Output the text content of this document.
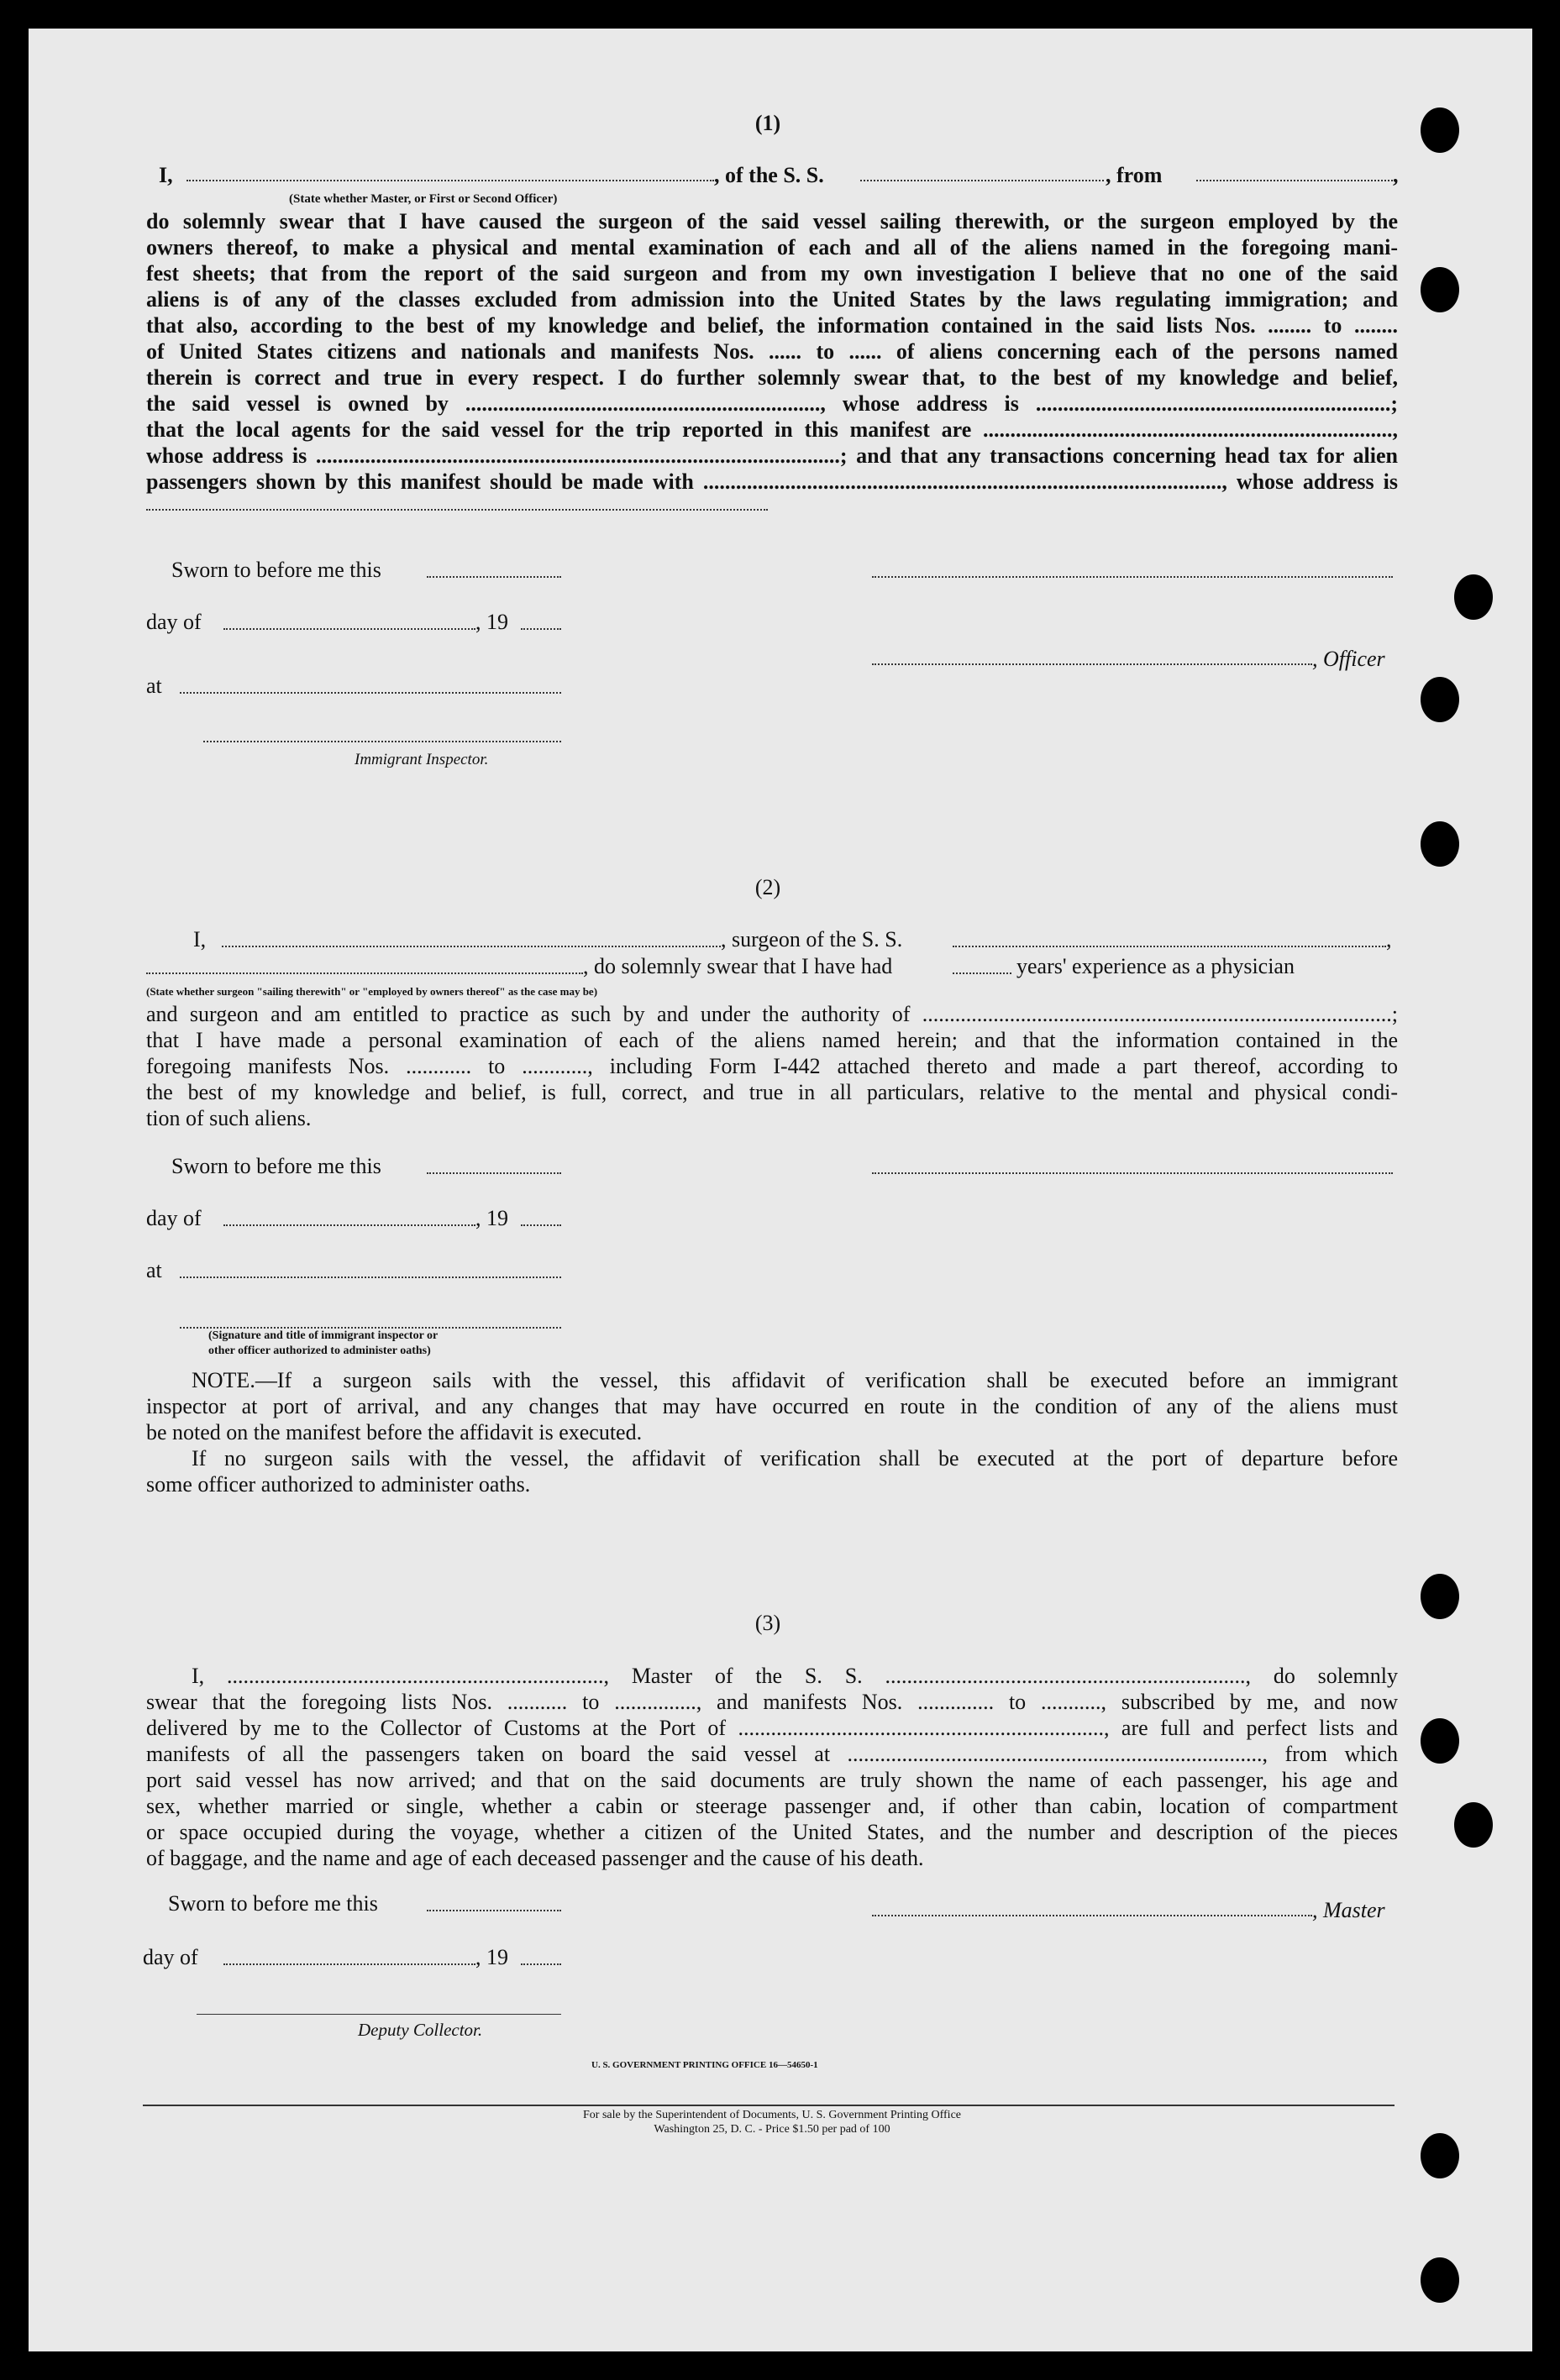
(1)
I,	, of the S. S.	, from	,
(State whether Master, or First or Second Officer)

do solemnly swear that I have caused the surgeon of the said vessel sailing therewith, or the surgeon employed by the

owners thereof, to make a physical and mental examination of each and all of the aliens named in the foregoing mani-

fest sheets; that from the report of the said surgeon and from my own investigation I believe that no one of the said

aliens is of any of the classes excluded from admission into the United States by the laws regulating immigration; and

that also, according to the best of my knowledge and belief, the information contained in the said lists Nos. ........ to ........

of United States citizens and nationals and manifests Nos. ...... to ...... of aliens concerning each of the persons named

therein is correct and true in every respect. I do further solemnly swear that, to the best of my knowledge and belief,

the said vessel is owned by ................................................................., whose address is .................................................................;

that the local agents for the said vessel for the trip reported in this manifest are ...........................................................................,

whose address is ................................................................................................; and that any transactions concerning head tax for alien

passengers shown by this manifest should be made with ..............................................................................................., whose address is

Sworn to before me this
day of	, 19
, Officer
at
Immigrant Inspector.
(2)
I,	, surgeon of the S. S.	,
, do solemnly swear that I have had	years' experience as a physician
(State whether surgeon "sailing therewith" or "employed by owners thereof" as the case may be)

and surgeon and am entitled to practice as such by and under the authority of ......................................................................................;

that I have made a personal examination of each of the aliens named herein; and that the information contained in the

foregoing manifests Nos. ............ to ............, including Form I-442 attached thereto and made a part thereof, according to

the best of my knowledge and belief, is full, correct, and true in all particulars, relative to the mental and physical condi-

tion of such aliens.

Sworn to before me this
day of	, 19
at
(Signature and title of immigrant inspector or
other officer authorized to administer oaths)

NOTE.—If a surgeon sails with the vessel, this affidavit of verification shall be executed before an immigrant

inspector at port of arrival, and any changes that may have occurred en route in the condition of any of the aliens must

be noted on the manifest before the affidavit is executed.

If no surgeon sails with the vessel, the affidavit of verification shall be executed at the port of departure before

some officer authorized to administer oaths.

(3)

I, ....................................................................., Master of the S. S. .................................................................., do solemnly

swear that the foregoing lists Nos. ........... to ..............., and manifests Nos. .............. to ..........., subscribed by me, and now

delivered by me to the Collector of Customs at the Port of ..................................................................., are full and perfect lists and

manifests of all the passengers taken on board the said vessel at ............................................................................, from which

port said vessel has now arrived; and that on the said documents are truly shown the name of each passenger, his age and

sex, whether married or single, whether a cabin or steerage passenger and, if other than cabin, location of compartment

or space occupied during the voyage, whether a citizen of the United States, and the number and description of the pieces

of baggage, and the name and age of each deceased passenger and the cause of his death.

Sworn to before me this	, Master
day of	, 19
Deputy Collector.
U. S. GOVERNMENT PRINTING OFFICE 16—54650-1
For sale by the Superintendent of Documents, U. S. Government Printing Office
Washington 25, D. C. - Price $1.50 per pad of 100
